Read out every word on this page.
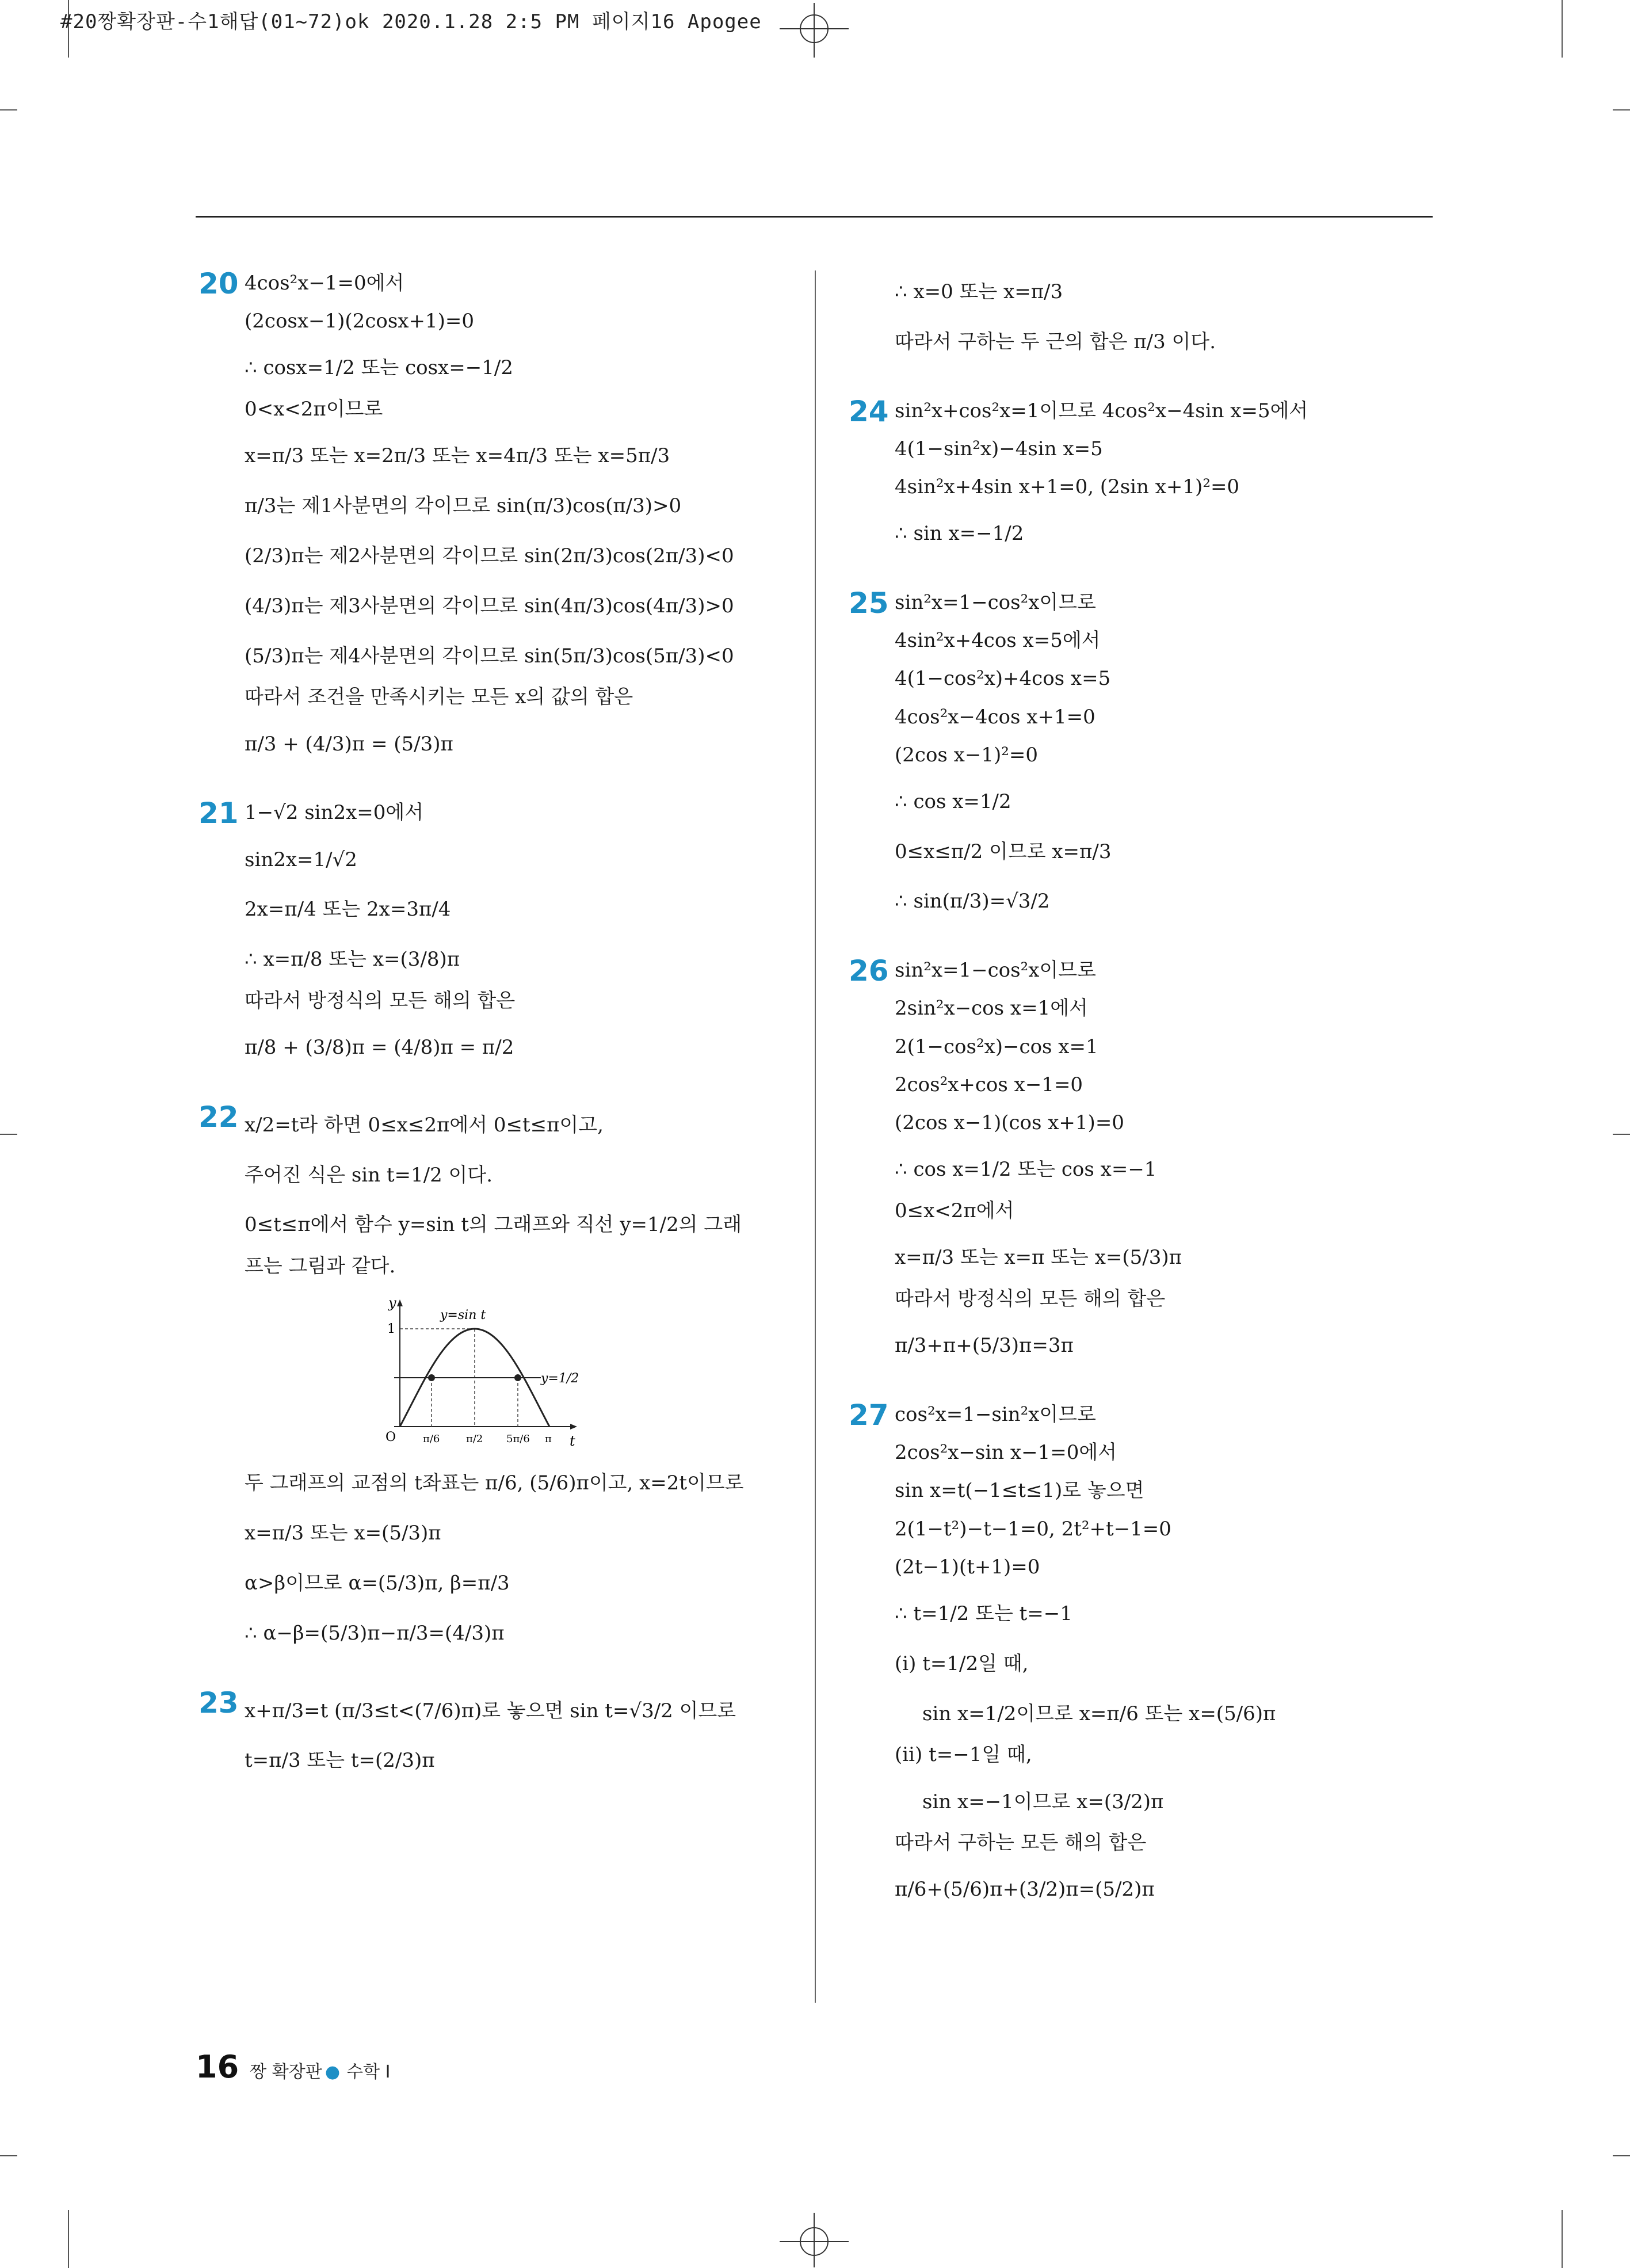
#20짱확장판-수1해답(01~72)ok 2020.1.28 2:5 PM 페이지16 Apogee
20 4cos²x−1=0에서
(2cosx−1)(2cosx+1)=0
∴ cosx=1/2 또는 cosx=−1/2
0<x<2π이므로
x=π/3 또는 x=2π/3 또는 x=4π/3 또는 x=5π/3
π/3는 제1사분면의 각이므로 sin(π/3)cos(π/3)>0
(2/3)π는 제2사분면의 각이므로 sin(2π/3)cos(2π/3)<0
(4/3)π는 제3사분면의 각이므로 sin(4π/3)cos(4π/3)>0
(5/3)π는 제4사분면의 각이므로 sin(5π/3)cos(5π/3)<0
따라서 조건을 만족시키는 모든 x의 값의 합은
π/3 + (4/3)π = (5/3)π
21 1−√2 sin2x=0에서
sin2x=1/√2
2x=π/4 또는 2x=3π/4
∴ x=π/8 또는 x=(3/8)π
따라서 방정식의 모든 해의 합은
π/8 + (3/8)π = (4/8)π = π/2
22 x/2=t라 하면 0≤x≤2π에서 0≤t≤π이고,
주어진 식은 sin t=1/2 이다.
0≤t≤π에서 함수 y=sin t의 그래프와 직선 y=1/2의 그래
프는 그림과 같다.
y
t
y=sin t
y=1/2
1
O	π/6	π/2 5π/6 π
두 그래프의 교점의 t좌표는 π/6, (5/6)π이고, x=2t이므로
x=π/3 또는 x=(5/3)π
α>β이므로 α=(5/3)π, β=π/3
∴ α−β=(5/3)π−π/3=(4/3)π
23 x+π/3=t (π/3≤t<(7/6)π)로 놓으면 sin t=√3/2 이므로
t=π/3 또는 t=(2/3)π
∴ x=0 또는 x=π/3
따라서 구하는 두 근의 합은 π/3 이다.
24 sin²x+cos²x=1이므로 4cos²x−4sin x=5에서
4(1−sin²x)−4sin x=5
4sin²x+4sin x+1=0, (2sin x+1)²=0
∴ sin x=−1/2
25 sin²x=1−cos²x이므로
4sin²x+4cos x=5에서
4(1−cos²x)+4cos x=5
4cos²x−4cos x+1=0
(2cos x−1)²=0
∴ cos x=1/2
0≤x≤π/2 이므로 x=π/3
∴ sin(π/3)=√3/2
26 sin²x=1−cos²x이므로
2sin²x−cos x=1에서
2(1−cos²x)−cos x=1
2cos²x+cos x−1=0
(2cos x−1)(cos x+1)=0
∴ cos x=1/2 또는 cos x=−1
0≤x<2π에서
x=π/3 또는 x=π 또는 x=(5/3)π
따라서 방정식의 모든 해의 합은
π/3+π+(5/3)π=3π
27 cos²x=1−sin²x이므로
2cos²x−sin x−1=0에서
sin x=t(−1≤t≤1)로 놓으면
2(1−t²)−t−1=0, 2t²+t−1=0
(2t−1)(t+1)=0
∴ t=1/2 또는 t=−1
(ⅰ) t=1/2일 때,
sin x=1/2이므로 x=π/6 또는 x=(5/6)π
(ⅱ) t=−1일 때,
sin x=−1이므로 x=(3/2)π
따라서 구하는 모든 해의 합은
π/6+(5/6)π+(3/2)π=(5/2)π
16 짱 확장판 ● 수학 I
